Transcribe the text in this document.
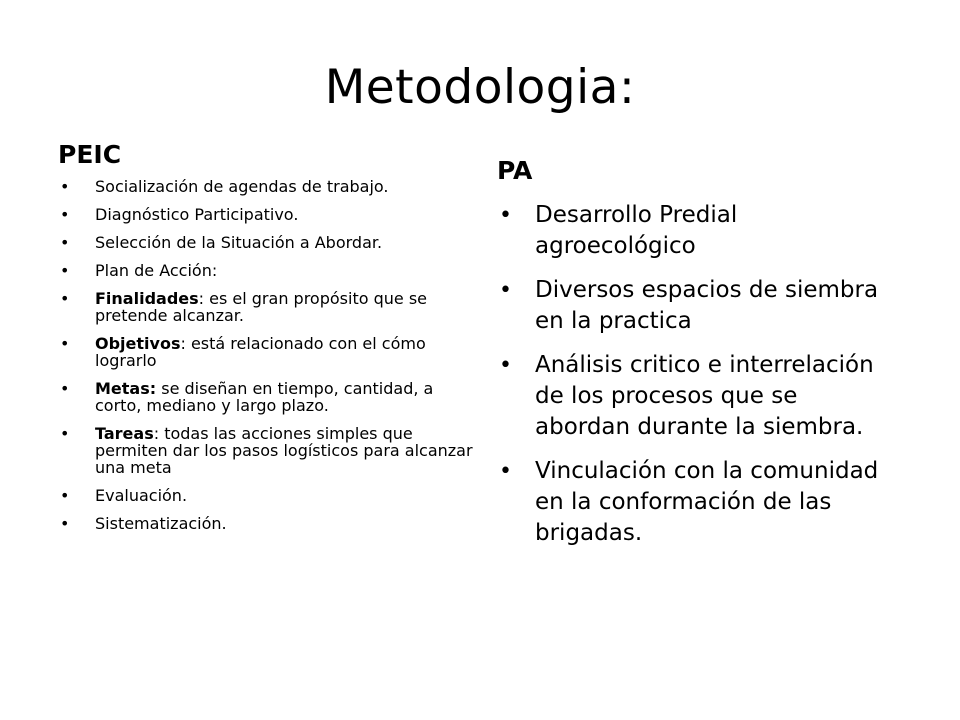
Metodologia:
PEIC
• Socialización de agendas de trabajo.
• Diagnóstico Participativo.
• Selección de la Situación a Abordar.
• Plan de Acción:
• Finalidades: es el gran propósito que se pretende alcanzar.
• Objetivos: está relacionado con el cómo lograrlo
• Metas: se diseñan en tiempo, cantidad, a corto, mediano y largo plazo.
• Tareas: todas las acciones simples que permiten dar los pasos logísticos para alcanzar una meta
• Evaluación.
• Sistematización.
PA
• Desarrollo Predial agroecológico
• Diversos espacios de siembra en la practica
• Análisis critico e interrelación de los procesos que se abordan durante la siembra.
• Vinculación con la comunidad en la conformación de las brigadas.
